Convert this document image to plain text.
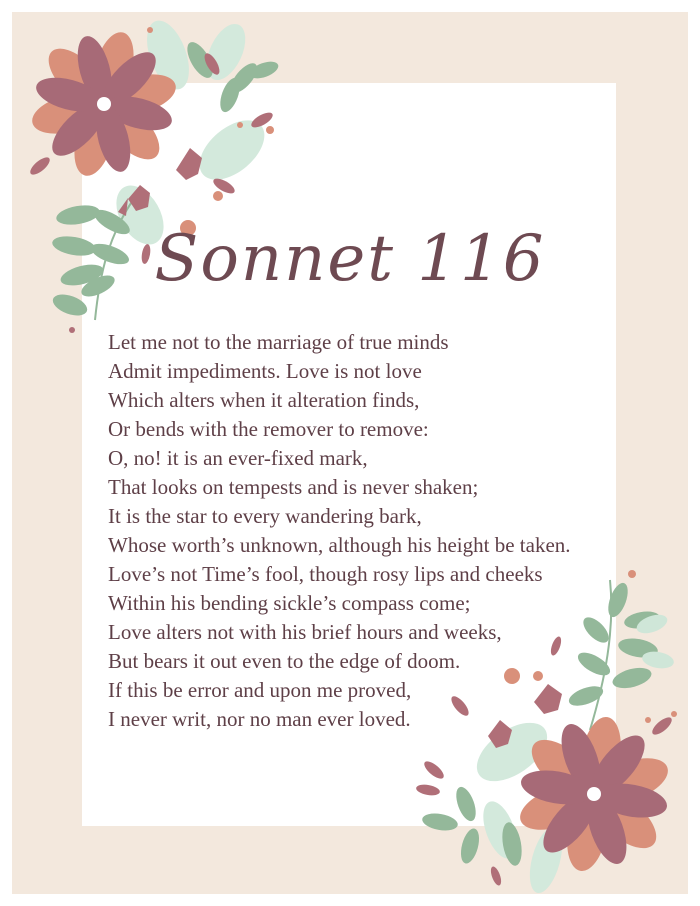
Sonnet 116
Let me not to the marriage of true minds
Admit impediments. Love is not love
Which alters when it alteration finds,
Or bends with the remover to remove:
O, no! it is an ever-fixed mark,
That looks on tempests and is never shaken;
It is the star to every wandering bark,
Whose worth’s unknown, although his height be taken.
Love’s not Time’s fool, though rosy lips and cheeks
Within his bending sickle’s compass come;
Love alters not with his brief hours and weeks,
But bears it out even to the edge of doom.
If this be error and upon me proved,
I never writ, nor no man ever loved.
